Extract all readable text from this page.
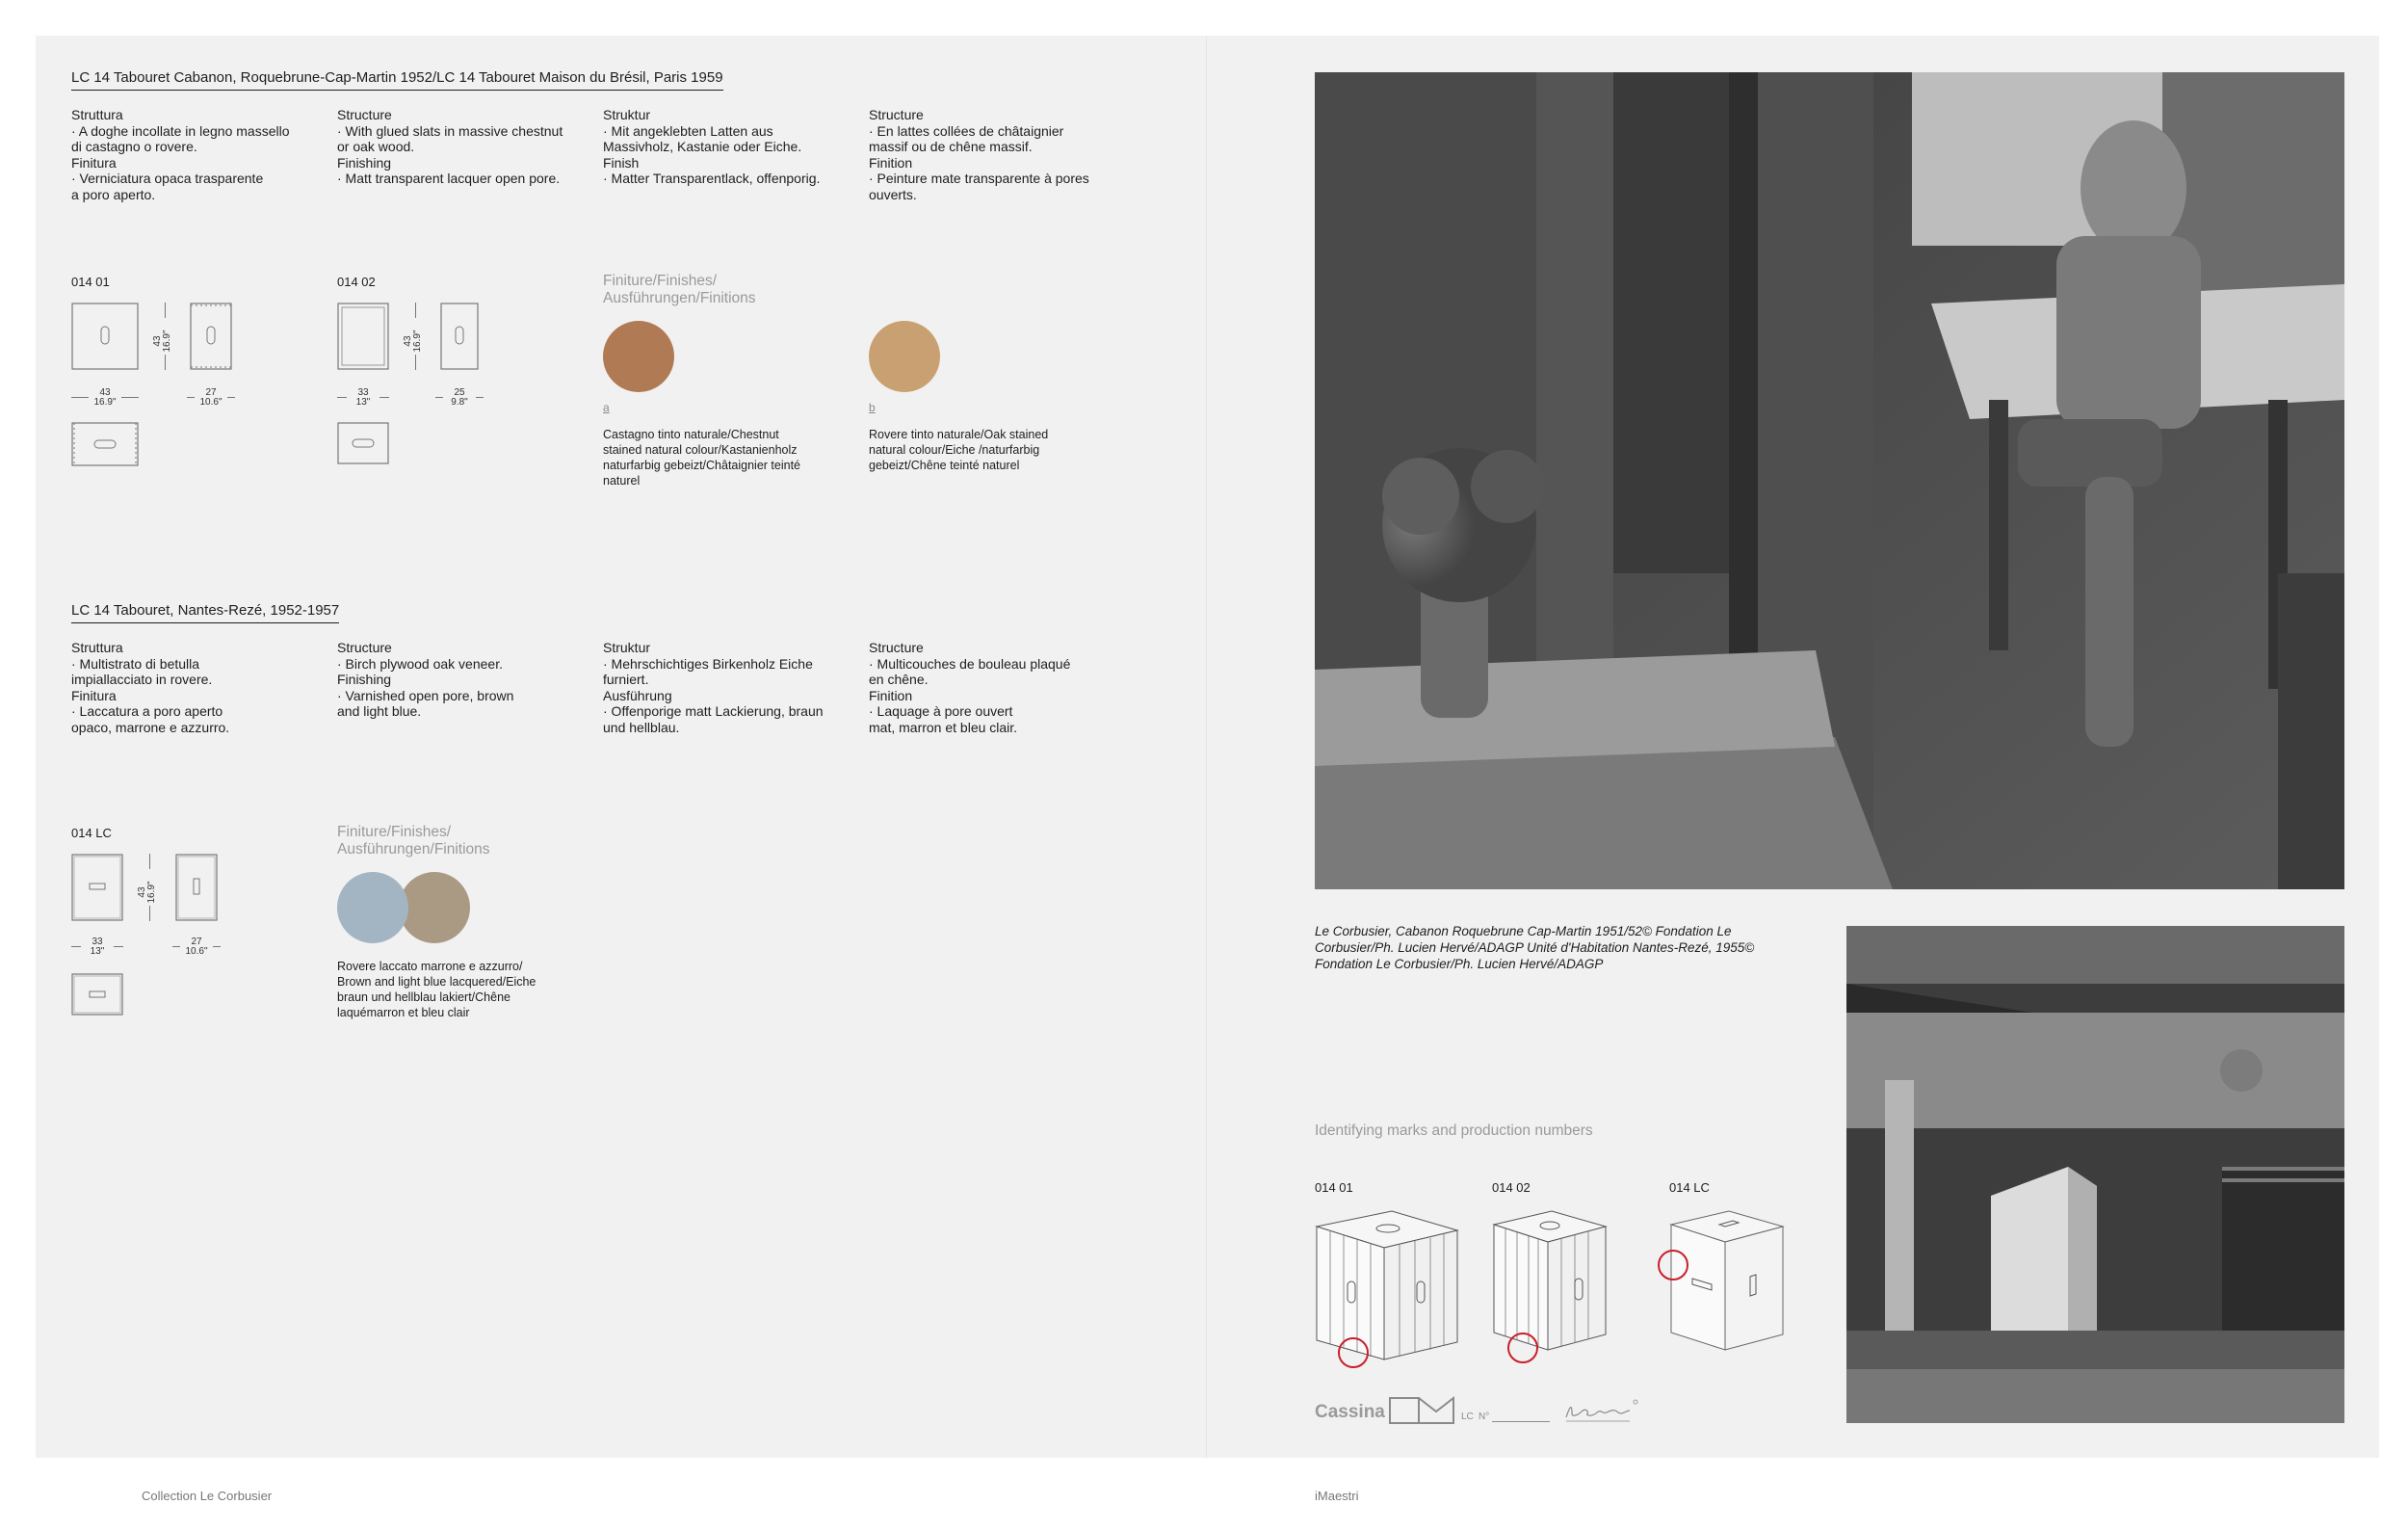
LC 14 Tabouret Cabanon, Roquebrune-Cap-Martin 1952/LC 14 Tabouret Maison du Brésil, Paris 1959
Struttura
· A doghe incollate in legno massello
di castagno o rovere.
Finitura
· Verniciatura opaca trasparente
a poro aperto.
Structure
· With glued slats in massive chestnut
or oak wood.
Finishing
· Matt transparent lacquer open pore.
Struktur
· Mit angeklebten Latten aus
Massivholz, Kastanie oder Eiche.
Finish
· Matter Transparentlack, offenporig.
Structure
· En lattes collées de châtaignier
massif ou de chêne massif.
Finition
· Peinture mate transparente à pores
ouverts.
014 01
43
16.9"
43
16.9"
27
10.6"
014 02
43
16.9"
33
13"
25
9.8"
Finiture/Finishes/
Ausführungen/Finitions
a	b
Castagno tinto naturale/Chestnut
stained natural colour/Kastanienholz
naturfarbig gebeizt/Châtaignier teinté
naturel
Rovere tinto naturale/Oak stained
natural colour/Eiche /naturfarbig
gebeizt/Chêne teinté naturel
LC 14 Tabouret, Nantes-Rezé, 1952-1957
Struttura
· Multistrato di betulla
impiallacciato in rovere.
Finitura
· Laccatura a poro aperto
opaco, marrone e azzurro.
Structure
· Birch plywood oak veneer.
Finishing
· Varnished open pore, brown
and light blue.
Struktur
· Mehrschichtiges Birkenholz Eiche
furniert.
Ausführung
· Offenporige matt Lackierung, braun
und hellblau.
Structure
· Multicouches de bouleau plaqué
en chêne.
Finition
· Laquage à pore ouvert
mat, marron et bleu clair.
014 LC
43
16.9"
33
13"
27
10.6"
Finiture/Finishes/
Ausführungen/Finitions
Rovere laccato marrone e azzurro/
Brown and light blue lacquered/Eiche
braun und hellblau lakiert/Chêne
laquémarron et bleu clair
Le Corbusier, Cabanon Roquebrune Cap-Martin 1951/52© Fondation Le
Corbusier/Ph. Lucien Hervé/ADAGP Unité d'Habitation Nantes-Rezé, 1955©
Fondation Le Corbusier/Ph. Lucien Hervé/ADAGP
Identifying marks and production numbers
014 01	014 02	014 LC
Cassina	LC N°
Collection Le Corbusier	iMaestri
